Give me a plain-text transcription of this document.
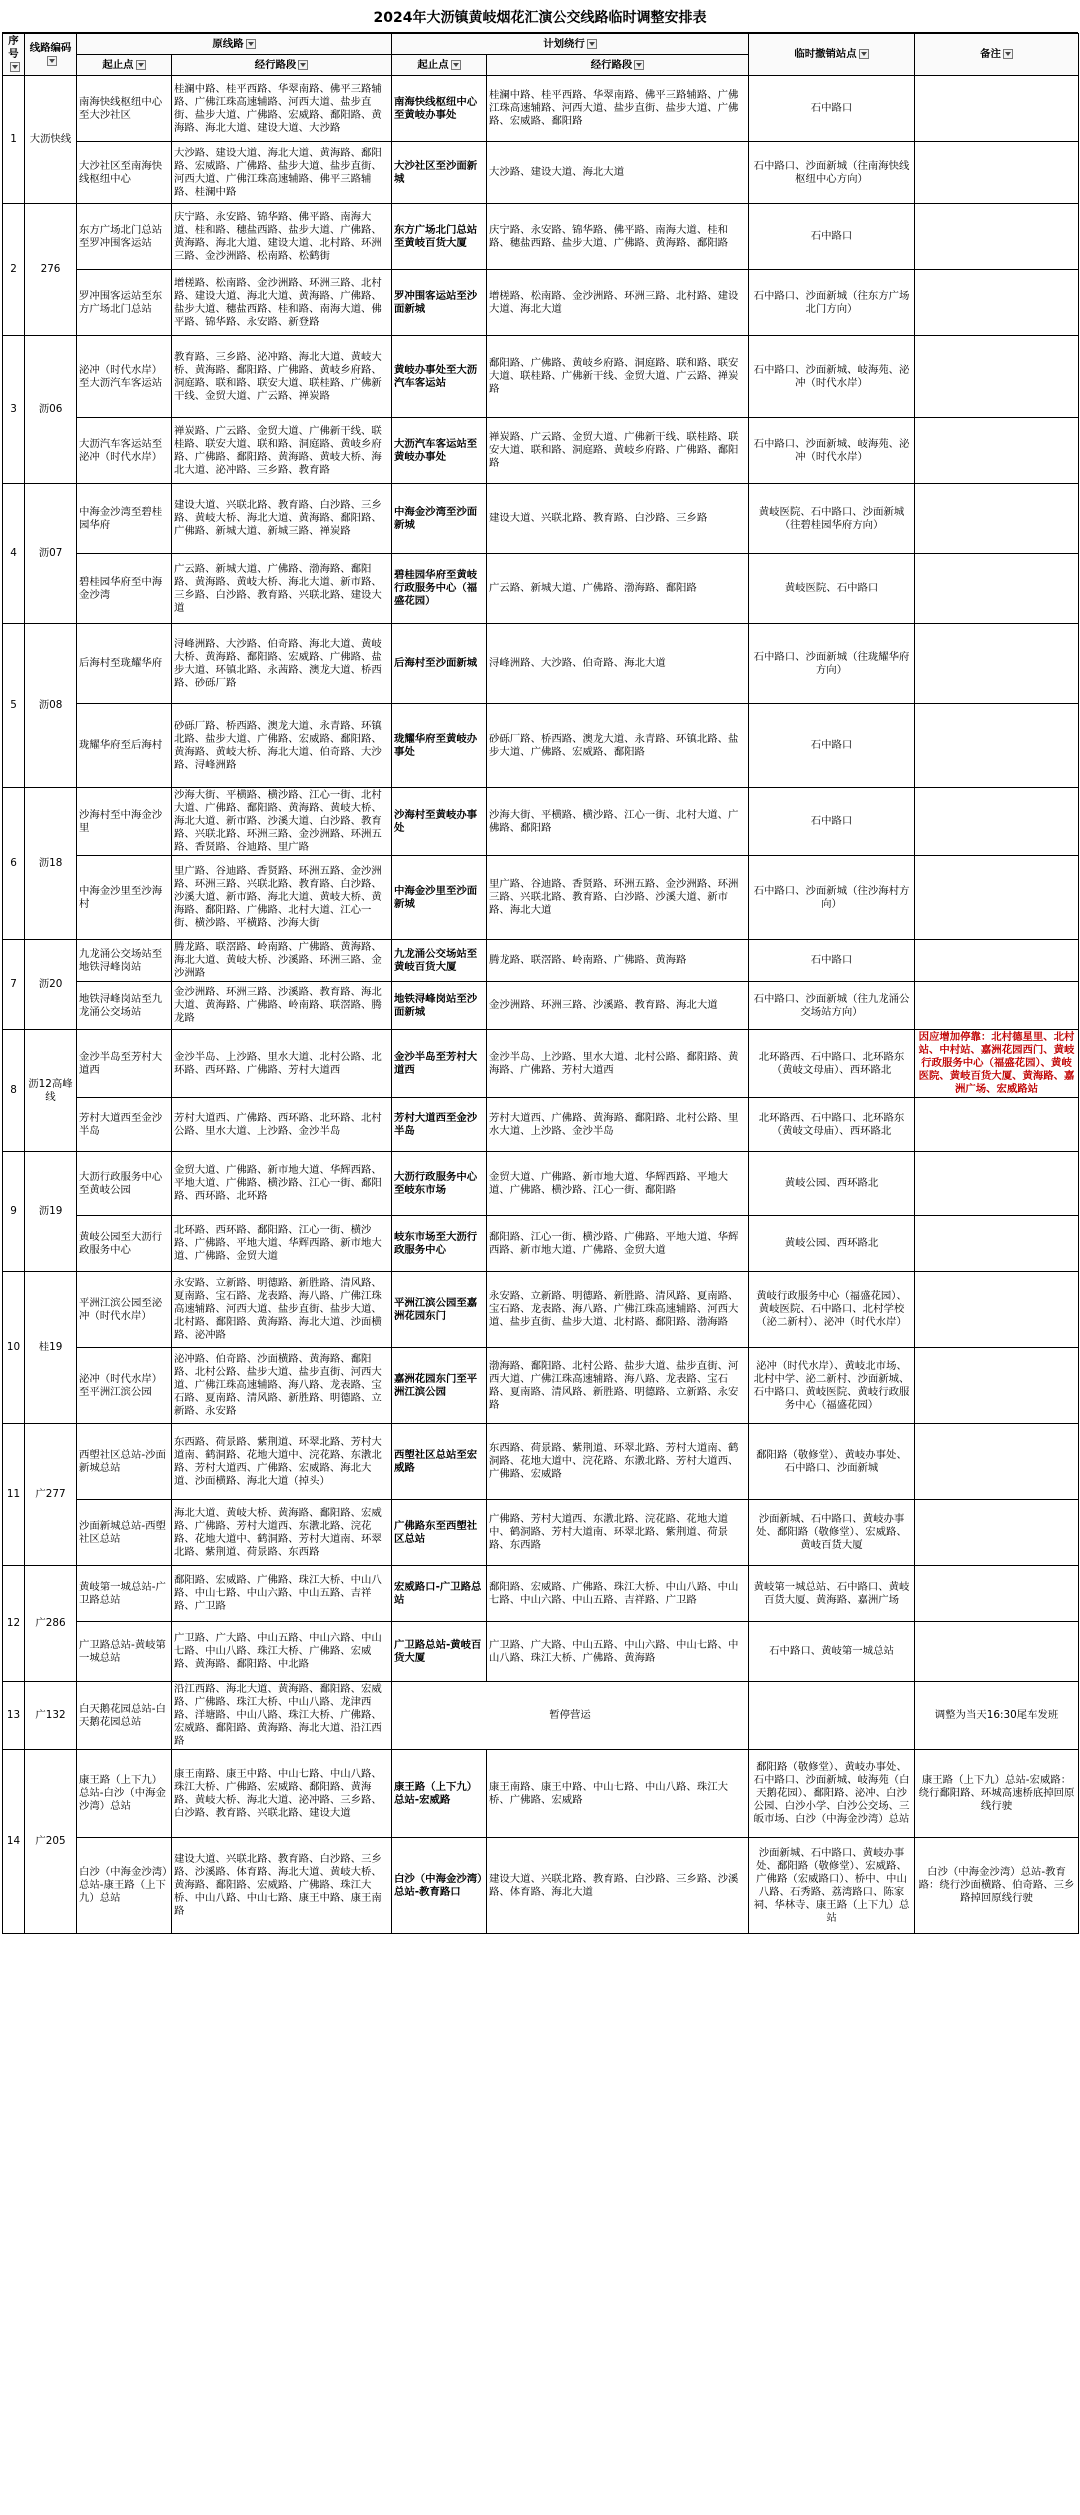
2024年大沥镇黄岐烟花汇演公交线路临时调整安排表
序号	线路编码	原线路		计划绕行		临时撤销站点	备注
		起止点	经行路段	起止点	经行路段		
1	大沥快线	南海快线枢纽中心至大沙社区	桂澜中路、桂平西路、华翠南路、佛平三路辅路、广佛江珠高速辅路、河西大道、盐步直街、盐步大道、广佛路、宏威路、鄱阳路、黄海路、海北大道、建设大道、大沙路	南海快线枢纽中心至黄岐办事处	桂澜中路、桂平西路、华翠南路、佛平三路辅路、广佛江珠高速辅路、河西大道、盐步直街、盐步大道、广佛路、宏威路、鄱阳路	石中路口	
		大沙社区至南海快线枢纽中心	大沙路、建设大道、海北大道、黄海路、鄱阳路、宏威路、广佛路、盐步大道、盐步直街、河西大道、广佛江珠高速辅路、佛平三路辅路、桂澜中路	大沙社区至沙面新城	大沙路、建设大道、海北大道	石中路口、沙面新城（往南海快线枢纽中心方向）	
2	276	东方广场北门总站至罗冲围客运站	庆宁路、永安路、锦华路、佛平路、南海大道、桂和路、穗盐西路、盐步大道、广佛路、黄海路、海北大道、建设大道、北村路、环洲三路、金沙洲路、松南路、松鹤街	东方广场北门总站至黄岐百货大厦	庆宁路、永安路、锦华路、佛平路、南海大道、桂和路、穗盐西路、盐步大道、广佛路、黄海路、鄱阳路	石中路口	
		罗冲围客运站至东方广场北门总站	增槎路、松南路、金沙洲路、环洲三路、北村路、建设大道、海北大道、黄海路、广佛路、盐步大道、穗盐西路、桂和路、南海大道、佛平路、锦华路、永安路、新登路	罗冲围客运站至沙面新城	增槎路、松南路、金沙洲路、环洲三路、北村路、建设大道、海北大道	石中路口、沙面新城（往东方广场北门方向）	
3	沥06	泌冲（时代水岸）至大沥汽车客运站	教育路、三乡路、泌冲路、海北大道、黄岐大桥、黄海路、鄱阳路、广佛路、黄岐乡府路、洞庭路、联和路、联安大道、联桂路、广佛新干线、金贸大道、广云路、禅炭路	黄岐办事处至大沥汽车客运站	鄱阳路、广佛路、黄岐乡府路、洞庭路、联和路、联安大道、联桂路、广佛新干线、金贸大道、广云路、禅炭路	石中路口、沙面新城、岐海苑、泌冲（时代水岸）	
		大沥汽车客运站至泌冲（时代水岸）	禅炭路、广云路、金贸大道、广佛新干线、联桂路、联安大道、联和路、洞庭路、黄岐乡府路、广佛路、鄱阳路、黄海路、黄岐大桥、海北大道、泌冲路、三乡路、教育路	大沥汽车客运站至黄岐办事处	禅炭路、广云路、金贸大道、广佛新干线、联桂路、联安大道、联和路、洞庭路、黄岐乡府路、广佛路、鄱阳路	石中路口、沙面新城、岐海苑、泌冲（时代水岸）	
4	沥07	中海金沙湾至碧桂园华府	建设大道、兴联北路、教育路、白沙路、三乡路、黄岐大桥、海北大道、黄海路、鄱阳路、广佛路、新城大道、新城三路、禅炭路	中海金沙湾至沙面新城	建设大道、兴联北路、教育路、白沙路、三乡路	黄岐医院、石中路口、沙面新城（往碧桂园华府方向）	
		碧桂园华府至中海金沙湾	广云路、新城大道、广佛路、渤海路、鄱阳路、黄海路、黄岐大桥、海北大道、新市路、三乡路、白沙路、教育路、兴联北路、建设大道	碧桂园华府至黄岐行政服务中心（福盛花园）	广云路、新城大道、广佛路、渤海路、鄱阳路	黄岐医院、石中路口	
5	沥08	后海村至珑耀华府	浔峰洲路、大沙路、伯奇路、海北大道、黄岐大桥、黄海路、鄱阳路、宏威路、广佛路、盐步大道、环镇北路、永茜路、澳龙大道、桥西路、砂砾厂路	后海村至沙面新城	浔峰洲路、大沙路、伯奇路、海北大道	石中路口、沙面新城（往珑耀华府方向）	
		珑耀华府至后海村	砂砾厂路、桥西路、澳龙大道、永青路、环镇北路、盐步大道、广佛路、宏威路、鄱阳路、黄海路、黄岐大桥、海北大道、伯奇路、大沙路、浔峰洲路	珑耀华府至黄岐办事处	砂砾厂路、桥西路、澳龙大道、永青路、环镇北路、盐步大道、广佛路、宏威路、鄱阳路	石中路口	
6	沥18	沙海村至中海金沙里	沙海大街、平横路、横沙路、江心一街、北村大道、广佛路、鄱阳路、黄海路、黄岐大桥、海北大道、新市路、沙溪大道、白沙路、教育路、兴联北路、环洲三路、金沙洲路、环洲五路、香贤路、谷迪路、里广路	沙海村至黄岐办事处	沙海大街、平横路、横沙路、江心一街、北村大道、广佛路、鄱阳路	石中路口	
		中海金沙里至沙海村	里广路、谷迪路、香贤路、环洲五路、金沙洲路、环洲三路、兴联北路、教育路、白沙路、沙溪大道、新市路、海北大道、黄岐大桥、黄海路、鄱阳路、广佛路、北村大道、江心一街、横沙路、平横路、沙海大街	中海金沙里至沙面新城	里广路、谷迪路、香贤路、环洲五路、金沙洲路、环洲三路、兴联北路、教育路、白沙路、沙溪大道、新市路、海北大道	石中路口、沙面新城（往沙海村方向）	
7	沥20	九龙涌公交场站至地铁浔峰岗站	腾龙路、联滘路、岭南路、广佛路、黄海路、海北大道、黄岐大桥、沙溪路、环洲三路、金沙洲路	九龙涌公交场站至黄岐百货大厦	腾龙路、联滘路、岭南路、广佛路、黄海路	石中路口	
		地铁浔峰岗站至九龙涌公交场站	金沙洲路、环洲三路、沙溪路、教育路、海北大道、黄海路、广佛路、岭南路、联滘路、腾龙路	地铁浔峰岗站至沙面新城	金沙洲路、环洲三路、沙溪路、教育路、海北大道	石中路口、沙面新城（往九龙涌公交场站方向）	
8	沥12高峰线	金沙半岛至芳村大道西	金沙半岛、上沙路、里水大道、北村公路、北环路、西环路、广佛路、芳村大道西	金沙半岛至芳村大道西	金沙半岛、上沙路、里水大道、北村公路、鄱阳路、黄海路、广佛路、芳村大道西	北环路西、石中路口、北环路东（黄岐文母庙）、西环路北	因应增加停靠：北村德星里、北村站、中村站、嘉洲花园西门、黄岐行政服务中心（福盛花园）、黄岐医院、黄岐百货大厦、黄海路、嘉洲广场、宏威路站
		芳村大道西至金沙半岛	芳村大道西、广佛路、西环路、北环路、北村公路、里水大道、上沙路、金沙半岛	芳村大道西至金沙半岛	芳村大道西、广佛路、黄海路、鄱阳路、北村公路、里水大道、上沙路、金沙半岛	北环路西、石中路口、北环路东（黄岐文母庙）、西环路北	
9	沥19	大沥行政服务中心至黄岐公园	金贸大道、广佛路、新市地大道、华辉西路、平地大道、广佛路、横沙路、江心一街、鄱阳路、西环路、北环路	大沥行政服务中心至岐东市场	金贸大道、广佛路、新市地大道、华辉西路、平地大道、广佛路、横沙路、江心一街、鄱阳路	黄岐公园、西环路北	
		黄岐公园至大沥行政服务中心	北环路、西环路、鄱阳路、江心一街、横沙路、广佛路、平地大道、华辉西路、新市地大道、广佛路、金贸大道	岐东市场至大沥行政服务中心	鄱阳路、江心一街、横沙路、广佛路、平地大道、华辉西路、新市地大道、广佛路、金贸大道	黄岐公园、西环路北	
10	桂19	平洲江滨公园至泌冲（时代水岸）	永安路、立新路、明德路、新胜路、清风路、夏南路、宝石路、龙表路、海八路、广佛江珠高速辅路、河西大道、盐步直街、盐步大道、北村路、鄱阳路、黄海路、海北大道、沙面横路、泌冲路	平洲江滨公园至嘉洲花园东门	永安路、立新路、明德路、新胜路、清风路、夏南路、宝石路、龙表路、海八路、广佛江珠高速辅路、河西大道、盐步直街、盐步大道、北村路、鄱阳路、渤海路	黄岐行政服务中心（福盛花园）、黄岐医院、石中路口、北村学校（泌二新村）、泌冲（时代水岸）	
		泌冲（时代水岸）至平洲江滨公园	泌冲路、伯奇路、沙面横路、黄海路、鄱阳路、北村公路、盐步大道、盐步直街、河西大道、广佛江珠高速辅路、海八路、龙表路、宝石路、夏南路、清风路、新胜路、明德路、立新路、永安路	嘉洲花园东门至平洲江滨公园	渤海路、鄱阳路、北村公路、盐步大道、盐步直街、河西大道、广佛江珠高速辅路、海八路、龙表路、宝石路、夏南路、清风路、新胜路、明德路、立新路、永安路	泌冲（时代水岸）、黄岐北市场、北村中学、泌二新村、沙面新城、石中路口、黄岐医院、黄岐行政服务中心（福盛花园）	
11	广277	西塱社区总站-沙面新城总站	东西路、荷景路、紫荆道、环翠北路、芳村大道南、鹤洞路、花地大道中、浣花路、东漖北路、芳村大道西、广佛路、宏威路、海北大道、沙面横路、海北大道（掉头）	西塱社区总站至宏威路	东西路、荷景路、紫荆道、环翠北路、芳村大道南、鹤洞路、花地大道中、浣花路、东漖北路、芳村大道西、广佛路、宏威路	鄱阳路（敬修堂）、黄岐办事处、石中路口、沙面新城	
		沙面新城总站-西塱社区总站	海北大道、黄岐大桥、黄海路、鄱阳路、宏威路、广佛路、芳村大道西、东漖北路、浣花路、花地大道中、鹤洞路、芳村大道南、环翠北路、紫荆道、荷景路、东西路	广佛路东至西塱社区总站	广佛路、芳村大道西、东漖北路、浣花路、花地大道中、鹤洞路、芳村大道南、环翠北路、紫荆道、荷景路、东西路	沙面新城、石中路口、黄岐办事处、鄱阳路（敬修堂）、宏威路、黄岐百货大厦	
12	广286	黄岐第一城总站-广卫路总站	鄱阳路、宏威路、广佛路、珠江大桥、中山八路、中山七路、中山六路、中山五路、吉祥路、广卫路	宏威路口-广卫路总站	鄱阳路、宏威路、广佛路、珠江大桥、中山八路、中山七路、中山六路、中山五路、吉祥路、广卫路	黄岐第一城总站、石中路口、黄岐百货大厦、黄海路、嘉洲广场	
		广卫路总站-黄岐第一城总站	广卫路、广大路、中山五路、中山六路、中山七路、中山八路、珠江大桥、广佛路、宏威路、黄海路、鄱阳路、中北路	广卫路总站-黄岐百货大厦	广卫路、广大路、中山五路、中山六路、中山七路、中山八路、珠江大桥、广佛路、黄海路	石中路口、黄岐第一城总站	
13	广132	白天鹅花园总站-白天鹅花园总站	沿江西路、海北大道、黄海路、鄱阳路、宏威路、广佛路、珠江大桥、中山八路、龙津西路、洋塘路、中山八路、珠江大桥、广佛路、宏威路、鄱阳路、黄海路、海北大道、沿江西路	暂停营运			调整为当天16:30尾车发班
14	广205	康王路（上下九）总站-白沙（中海金沙湾）总站	康王南路、康王中路、中山七路、中山八路、珠江大桥、广佛路、宏威路、鄱阳路、黄海路、黄岐大桥、海北大道、泌冲路、三乡路、白沙路、教育路、兴联北路、建设大道	康王路（上下九）总站-宏威路	康王南路、康王中路、中山七路、中山八路、珠江大桥、广佛路、宏威路	鄱阳路（敬修堂）、黄岐办事处、石中路口、沙面新城、岐海苑（白天鹅花园）、鄱阳路、泌冲、白沙公园、白沙小学、白沙公交场、三皈市场、白沙（中海金沙湾）总站	康王路（上下九）总站-宏威路：绕行鄱阳路、环城高速桥底掉回原线行驶
		白沙（中海金沙湾）总站-康王路（上下九）总站	建设大道、兴联北路、教育路、白沙路、三乡路、沙溪路、体育路、海北大道、黄岐大桥、黄海路、鄱阳路、宏威路、广佛路、珠江大桥、中山八路、中山七路、康王中路、康王南路	白沙（中海金沙湾）总站-教育路口	建设大道、兴联北路、教育路、白沙路、三乡路、沙溪路、体育路、海北大道	沙面新城、石中路口、黄岐办事处、鄱阳路（敬修堂）、宏威路、广佛路（宏威路口）、桥中、中山八路、石秀路、荔湾路口、陈家祠、华林寺、康王路（上下九）总站	白沙（中海金沙湾）总站-教育路：绕行沙面横路、伯奇路、三乡路掉回原线行驶
